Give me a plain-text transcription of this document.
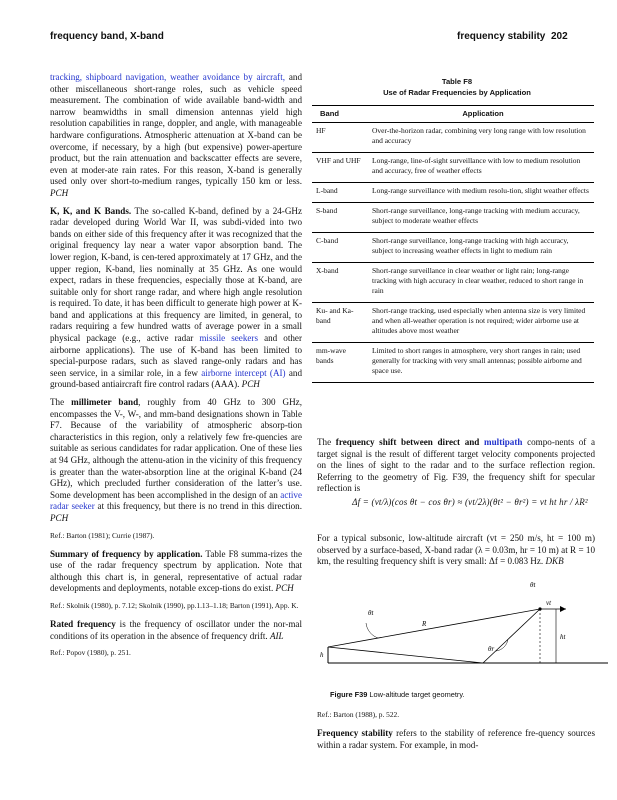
frequency band, X-band	frequency stability 202

tracking, shipboard navigation, weather avoidance by aircraft, and other miscellaneous short-range roles, such as vehicle speed measurement. The combination of wide available band-width and narrow beamwidths in small dimension antennas yield high resolution capabilities in range, doppler, and angle, with manageable hardware configurations. Atmospheric attenuation at X-band can be overcome, if necessary, by a high (but expensive) power-aperture product, but the rain attenuation and backscatter effects are severe, even at moder-ate rain rates. For this reason, X-band is generally used only over short-to-medium ranges, typically 150 km or less. PCH

K, K, and K Bands. The so-called K-band, defined by a 24-GHz radar developed during World War II, was subdi-vided into two bands on either side of this frequency after it was recognized that the original frequency lay near a water vapor absorption band. The lower region, K-band, is cen-tered approximately at 17 GHz, and the upper region, K-band, lies nominally at 35 GHz. As one would expect, radars in these frequencies, especially those at K-band, are suitable only for short range radar, and where high angle resolution is required. To date, it has been difficult to generate high power at K-band and applications at this frequency are limited, in general, to radars requiring a few hundred watts of average power in a small physical package (e.g., active radar missile seekers and other airborne applications). The use of K-band has been limited to special-purpose radars, such as slaved range-only radars and has seen service, in a similar role, in a few airborne intercept (AI) and ground-based antiaircraft fire control radars (AAA). PCH

The millimeter band, roughly from 40 GHz to 300 GHz, encompasses the V-, W-, and mm-band designations shown in Table F7. Because of the variability of atmospheric absorp-tion characteristics in this region, only a relatively few fre-quencies are suitable as serious candidates for radar application. One of these lies at 94 GHz, although the attenu-ation in the vicinity of this frequency is greater than the water-absorption line at the original K-band (24 GHz), which precluded further consideration of the latter’s use. Some development has been accomplished in the design of an active radar seeker at this frequency, but there is no trend in this direction. PCH

Ref.: Barton (1981); Currie (1987).

Summary of frequency by application. Table F8 summa-rizes the use of the radar frequency spectrum by application. Note that although this chart is, in general, representative of actual radar developments and deployments, notable excep-tions do exist. PCH

Ref.: Skolnik (1980), p. 7.12; Skolnik (1990), pp.1.13–1.18; Barton (1991), App. K.

Rated frequency is the frequency of oscillator under the nor-mal conditions of its operation in the absence of frequency drift. AIL

Ref.: Popov (1980), p. 251.
Table F8
Use of Radar Frequencies by Application
Band	Application
HF	Over-the-horizon radar, combining very long range with low resolution and accuracy
VHF and UHF	Long-range, line-of-sight surveillance with low to medium resolution and accuracy, free of weather effects
L-band	Long-range surveillance with medium resolu-tion, slight weather effects
S-band	Short-range surveillance, long-range tracking with medium accuracy, subject to moderate weather effects
C-band	Short-range surveillance, long-range tracking with high accuracy, subject to increasing weather effects in light to medium rain
X-band	Short-range surveillance in clear weather or light rain; long-range tracking with high accuracy in clear weather, reduced to short range in rain
Ku- and Ka-band	Short-range tracking, used especially when antenna size is very limited and when all-weather operation is not required; wider airborne use at altitudes above most weather
mm-wave bands	Limited to short ranges in atmosphere, very short ranges in rain; used generally for tracking with very small antennas; possible airborne and space use.

The frequency shift between direct and multipath compo-nents of a target signal is the result of different target velocity components projected on the lines of sight to the radar and to the surface reflection region. Referring to the geometry of Fig. F39, the frequency shift for specular reflection is

Δf = (vt/λ)(cos θt − cos θr) ≈ (vt/2λ)(θt² − θr²) = vt ht hr / λR²

For a typical subsonic, low-altitude aircraft (vt = 250 m/s, ht = 100 m) observed by a surface-based, X-band radar (λ = 0.03m, hr = 10 m) at R = 10 km, the resulting frequency shift is very small: Δf = 0.083 Hz. DKB

θt
θt
R
vt
ht
h
θr
Figure F39 Low-altitude target geometry.
Ref.: Barton (1988), p. 522.

Frequency stability refers to the stability of reference fre-quency sources within a radar system. For example, in mod-
